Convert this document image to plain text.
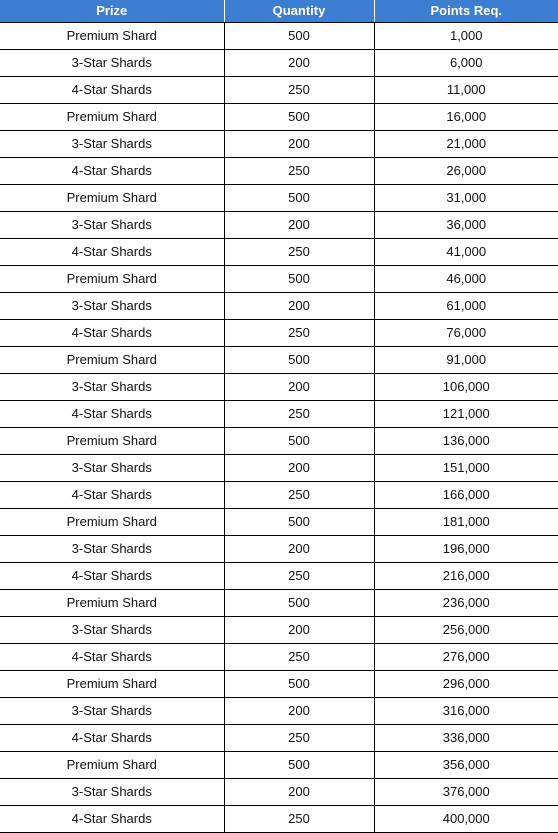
Prize	Quantity	Points Req.
Premium Shard	500	1,000
3-Star Shards	200	6,000
4-Star Shards	250	11,000
Premium Shard	500	16,000
3-Star Shards	200	21,000
4-Star Shards	250	26,000
Premium Shard	500	31,000
3-Star Shards	200	36,000
4-Star Shards	250	41,000
Premium Shard	500	46,000
3-Star Shards	200	61,000
4-Star Shards	250	76,000
Premium Shard	500	91,000
3-Star Shards	200	106,000
4-Star Shards	250	121,000
Premium Shard	500	136,000
3-Star Shards	200	151,000
4-Star Shards	250	166,000
Premium Shard	500	181,000
3-Star Shards	200	196,000
4-Star Shards	250	216,000
Premium Shard	500	236,000
3-Star Shards	200	256,000
4-Star Shards	250	276,000
Premium Shard	500	296,000
3-Star Shards	200	316,000
4-Star Shards	250	336,000
Premium Shard	500	356,000
3-Star Shards	200	376,000
4-Star Shards	250	400,000
